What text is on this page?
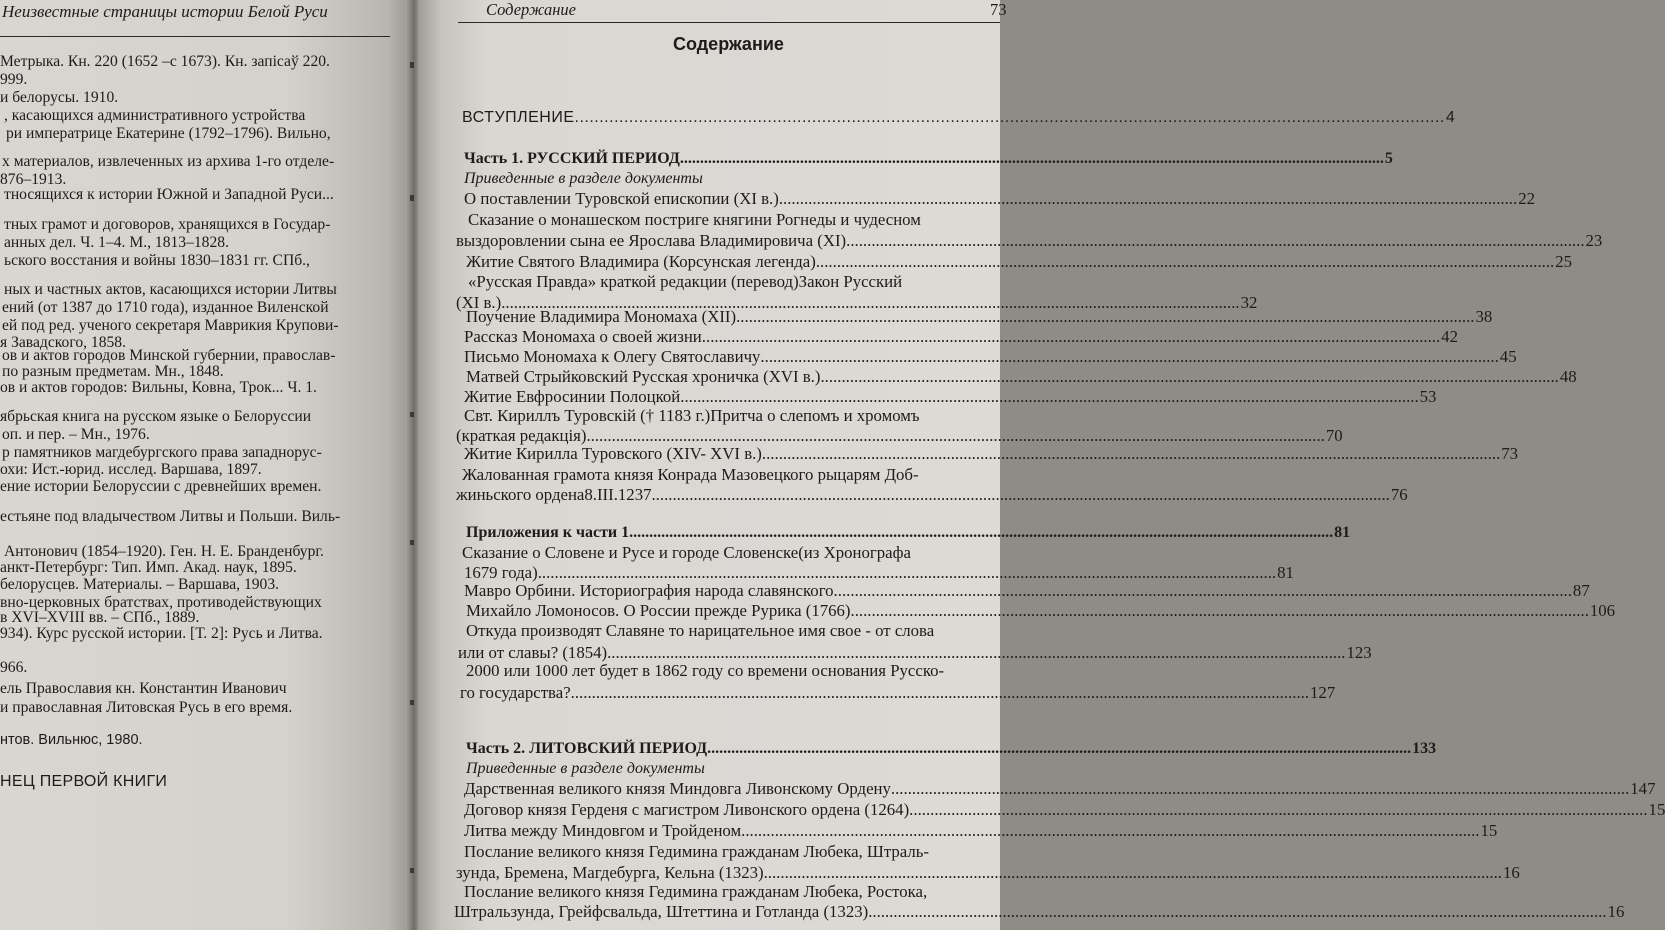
Неизвестные страницы истории Белой Руси
Метрыка. Кн. 220 (1652 –с 1673). Кн. запісаў 220.
999.
и белорусы. 1910.
, касающихся административного устройства
ри императрице Екатерине (1792–1796). Вильно,
х материалов, извлеченных из архива 1-го отделе-
876–1913.
тносящихся к истории Южной и Западной Руси...
тных грамот и договоров, хранящихся в Государ-
анных дел. Ч. 1–4. М., 1813–1828.
ьского восстания и войны 1830–1831 гг. СПб.,
ных и частных актов, касающихся истории Литвы
ений (от 1387 до 1710 года), изданное Виленской
ей под ред. ученого секретаря Маврикия Крупови-
я Завадского, 1858.
ов и актов городов Минской губернии, православ-
по разным предметам. Мн., 1848.
ов и актов городов: Вильны, Ковна, Трок... Ч. 1.
ябрьская книга на русском языке о Белоруссии
оп. и пер. – Мн., 1976.
р памятников магдебургского права западнорус-
охи: Ист.-юрид. исслед. Варшава, 1897.
ение истории Белоруссии с древнейших времен.
естьяне под владычеством Литвы и Польши. Виль-
Антонович (1854–1920). Ген. Н. Е. Бранденбург.
анкт-Петербург: Тип. Имп. Акад. наук, 1895.
белорусцев. Материалы. – Варшава, 1903.
вно-церковных братствах, противодействующих
в XVI–XVIII вв. – СПб., 1889.
934). Курс русской истории. [Т. 2]: Русь и Литва.
966.
ель Православия кн. Константин Иванович
и православная Литовская Русь в его время.
нтов. Вильнюс, 1980.
НЕЦ ПЕРВОЙ КНИГИ
Содержание	73
Содержание
ВСТУПЛЕНИЕ .....	4
Часть 1. РУССКИЙ ПЕРИОД .....	5
Приведенные в разделе документы
О поставлении Туровской епископии (XI в.) .....	22
Сказание о монашеском постриге княгини Рогнеды и чудесном
выздоровлении сына ее Ярослава Владимировича (XI) .....	23
Житие Святого Владимира (Корсунская легенда) .....	25
«Русская Правда» краткой редакции (перевод)Закон Русский
(XI в.) .....	32
Поучение Владимира Мономаха (XII) .....	38
Рассказ Мономаха о своей жизни .....	42
Письмо Мономаха к Олегу Святославичу .....	45
Матвей Стрыйковский Русская хроничка (XVI в.) .....	48
Житие Евфросинии Полоцкой .....	53
Свт. Кириллъ Туровскій († 1183 г.)Притча о слепомъ и хромомъ
(краткая редакція) .....	70
Житие Кирилла Туровского (XIV- XVI в.) .....	73
Жалованная грамота князя Конрада Мазовецкого рыцарям Доб-
жиньского ордена8.III.1237 .....	76
Приложения к части 1 .....	81
Сказание о Словене и Русе и городе Словенске(из Хронографа
1679 года) .....	81
Мавро Орбини. Историография народа славянского .....	87
Михайло Ломоносов. О России прежде Рурика (1766) .....	106
Откуда производят Славяне то нарицательное имя свое - от слова
или от славы? (1854) .....	123
2000 или 1000 лет будет в 1862 году со времени основания Русско-
го государства? .....	127
Часть 2. ЛИТОВСКИЙ ПЕРИОД .....	133
Приведенные в разделе документы
Дарственная великого князя Миндовга Ливонскому Ордену .....	147
Договор князя Герденя с магистром Ливонского ордена (1264) .....	15
Литва между Миндовгом и Тройденом .....	15
Послание великого князя Гедимина гражданам Любека, Штраль-
зунда, Бремена, Магдебурга, Кельна (1323) .....	16
Послание великого князя Гедимина гражданам Любека, Ростока,
Штральзунда, Грейфсвальда, Штеттина и Готланда (1323) .....	16
